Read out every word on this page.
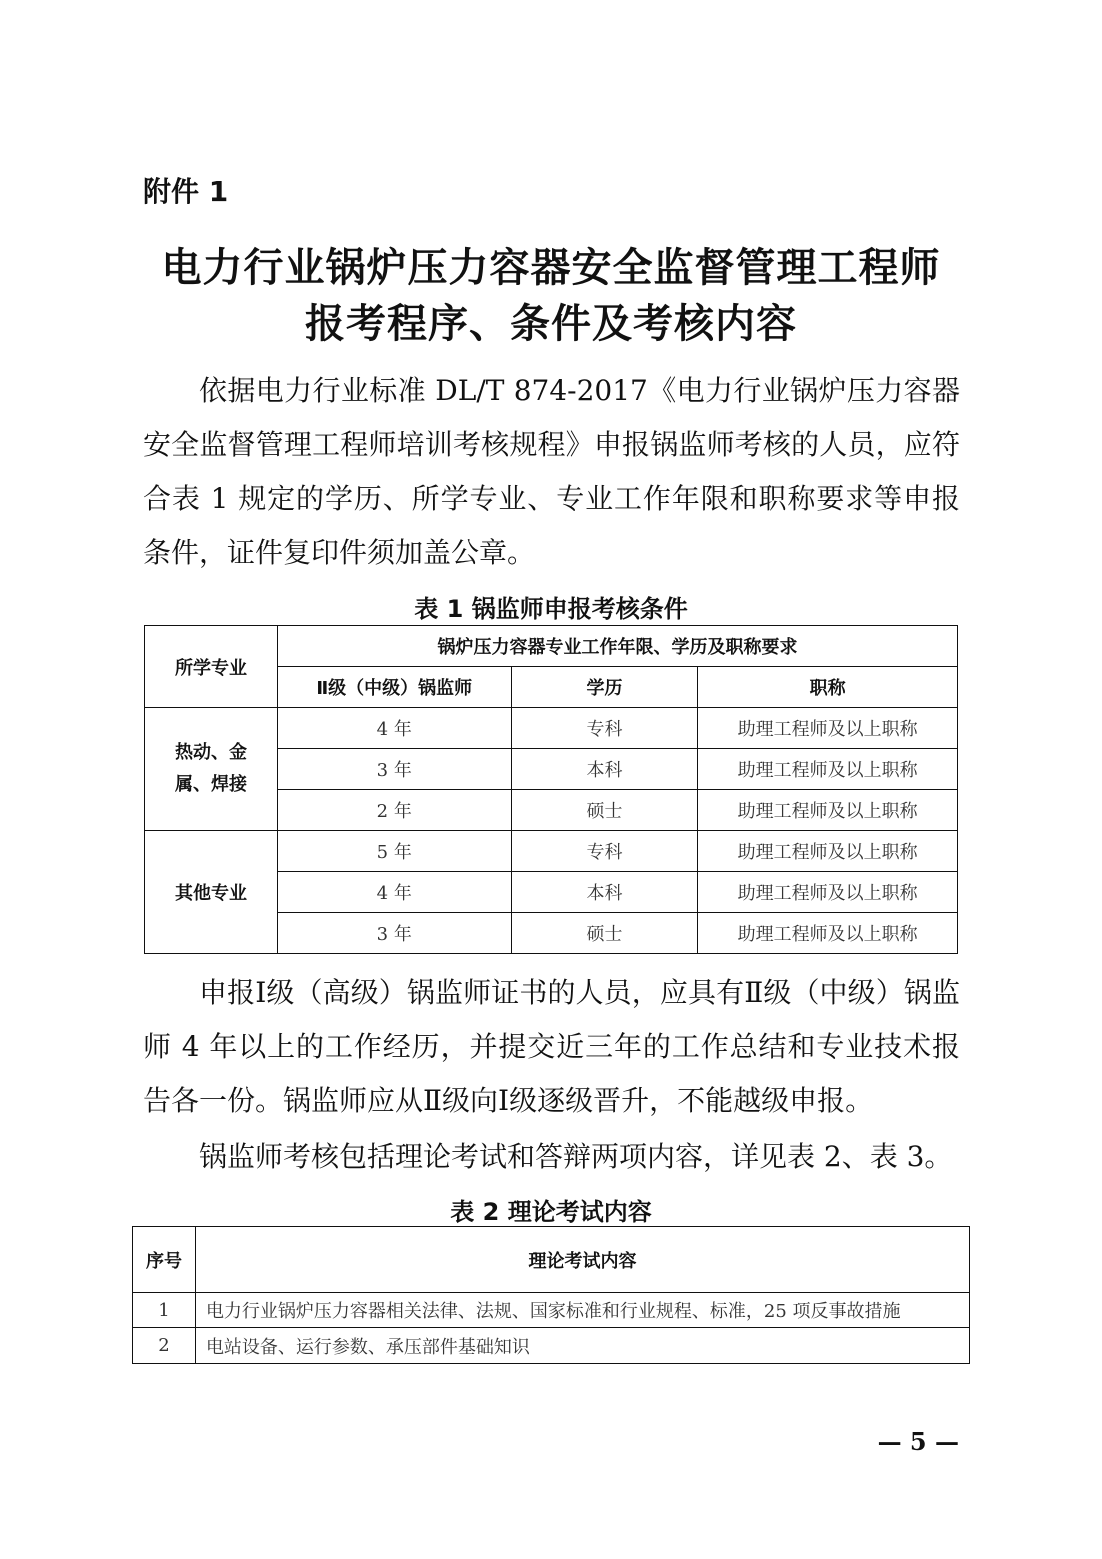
附件 1
电力行业锅炉压力容器安全监督管理工程师
报考程序、条件及考核内容
依据电力行业标准 DL/T 874-2017《电力行业锅炉压力容器安全监督管理工程师培训考核规程》申报锅监师考核的人员，应符合表 1 规定的学历、所学专业、专业工作年限和职称要求等申报条件，证件复印件须加盖公章。
表 1 锅监师申报考核条件
所学专业	锅炉压力容器专业工作年限、学历及职称要求		
	Ⅱ级（中级）锅监师	学历	职称
热动、金属、焊接	4 年	专科	助理工程师及以上职称
	3 年	本科	助理工程师及以上职称
	2 年	硕士	助理工程师及以上职称
其他专业	5 年	专科	助理工程师及以上职称
	4 年	本科	助理工程师及以上职称
	3 年	硕士	助理工程师及以上职称
申报Ⅰ级（高级）锅监师证书的人员，应具有Ⅱ级（中级）锅监师 4 年以上的工作经历，并提交近三年的工作总结和专业技术报告各一份。锅监师应从Ⅱ级向Ⅰ级逐级晋升，不能越级申报。
锅监师考核包括理论考试和答辩两项内容，详见表 2、表 3。
表 2 理论考试内容
序号	理论考试内容
1	电力行业锅炉压力容器相关法律、法规、国家标准和行业规程、标准，25 项反事故措施
2	电站设备、运行参数、承压部件基础知识
— 5 —
